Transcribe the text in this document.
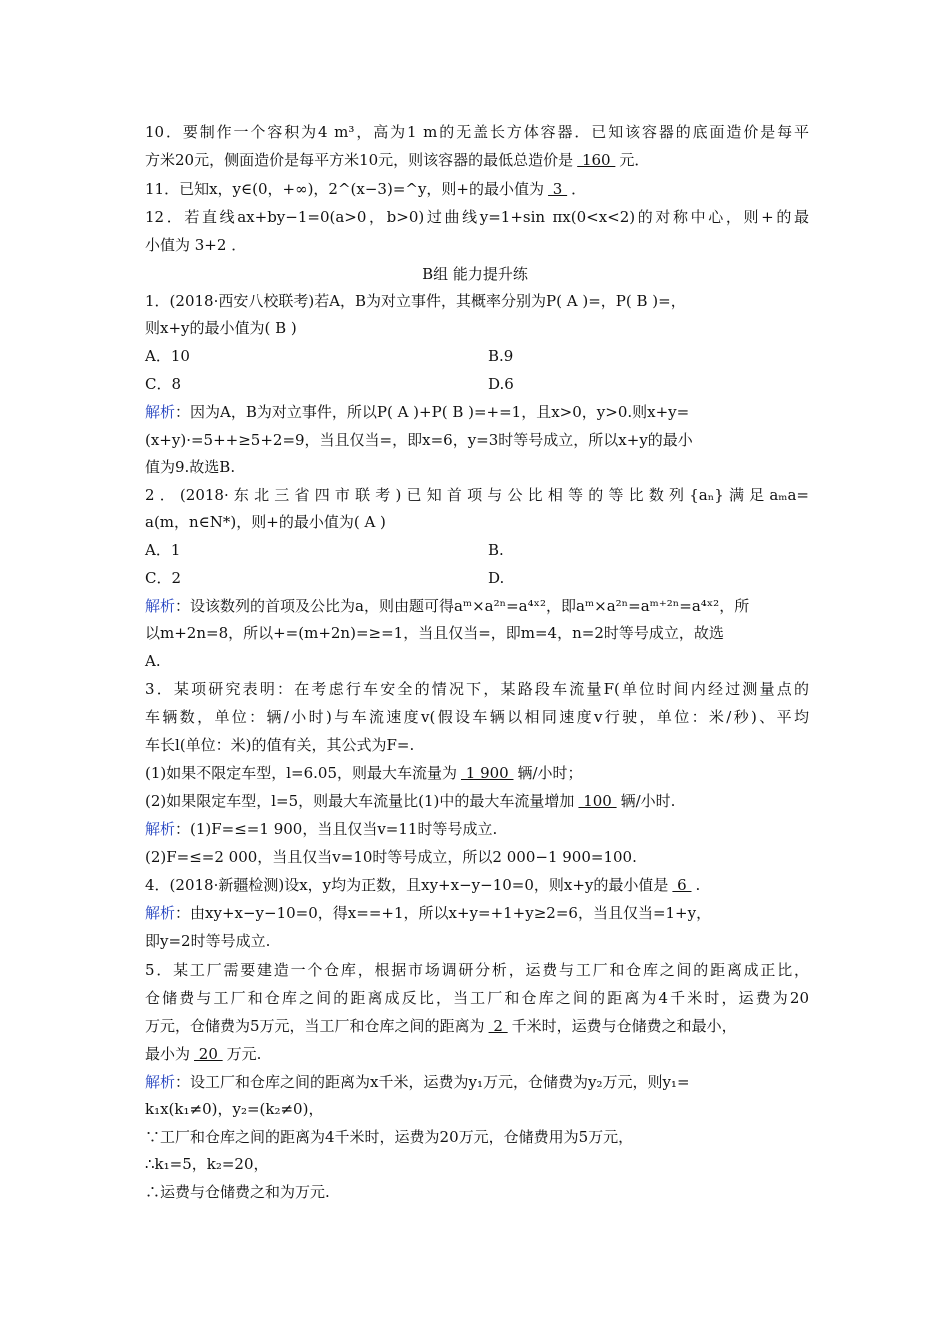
10．要制作一个容积为4 m³，高为1 m的无盖长方体容器．已知该容器的底面造价是每平
方米20元，侧面造价是每平方米10元，则该容器的最低总造价是 160 元．
11．已知x，y∈(0，+∞)，2^(x−3)=^y，则+的最小值为 3 ．
12．若直线ax+by−1=0(a>0，b>0)过曲线y=1+sin πx(0<x<2)的对称中心，则+的最
小值为 3+2 ．
B组 能力提升练
1．(2018·西安八校联考)若A，B为对立事件，其概率分别为P( A )=，P( B )=，
则x+y的最小值为( B )
A．10	B.9
C．8	D.6
解析：因为A，B为对立事件，所以P( A )+P( B )=+=1，且x>0，y>0.则x+y=
(x+y)·=5++≥5+2=9，当且仅当=，即x=6，y=3时等号成立，所以x+y的最小
值为9.故选B.
2．(2018·东北三省四市联考)已知首项与公比相等的等比数列{aₙ}满足aₘa=
a(m，n∈N*)，则+的最小值为( A )
A．1	B.
C．2	D.
解析：设该数列的首项及公比为a，则由题可得aᵐ×a²ⁿ=a⁴ˣ²，即aᵐ×a²ⁿ=aᵐ⁺²ⁿ=a⁴ˣ²，所
以m+2n=8，所以+=(m+2n)=≥=1，当且仅当=，即m=4，n=2时等号成立，故选
A.
3．某项研究表明：在考虑行车安全的情况下，某路段车流量F(单位时间内经过测量点的
车辆数，单位：辆/小时)与车流速度v(假设车辆以相同速度v行驶，单位：米/秒)、平均
车长l(单位：米)的值有关，其公式为F=.
(1)如果不限定车型，l=6.05，则最大车流量为 1 900 辆/小时；
(2)如果限定车型，l=5，则最大车流量比(1)中的最大车流量增加 100 辆/小时.
解析：(1)F=≤=1 900，当且仅当v=11时等号成立.
(2)F=≤=2 000，当且仅当v=10时等号成立，所以2 000−1 900=100.
4．(2018·新疆检测)设x，y均为正数，且xy+x−y−10=0，则x+y的最小值是 6 .
解析：由xy+x−y−10=0，得x==+1，所以x+y=+1+y≥2=6，当且仅当=1+y，
即y=2时等号成立.
5．某工厂需要建造一个仓库，根据市场调研分析，运费与工厂和仓库之间的距离成正比，
仓储费与工厂和仓库之间的距离成反比，当工厂和仓库之间的距离为4千米时，运费为20
万元，仓储费为5万元，当工厂和仓库之间的距离为 2 千米时，运费与仓储费之和最小，
最小为 20 万元.
解析：设工厂和仓库之间的距离为x千米，运费为y₁万元，仓储费为y₂万元，则y₁=
k₁x(k₁≠0)，y₂=(k₂≠0)，
∵工厂和仓库之间的距离为4千米时，运费为20万元，仓储费用为5万元，
∴k₁=5，k₂=20，
∴运费与仓储费之和为万元.
